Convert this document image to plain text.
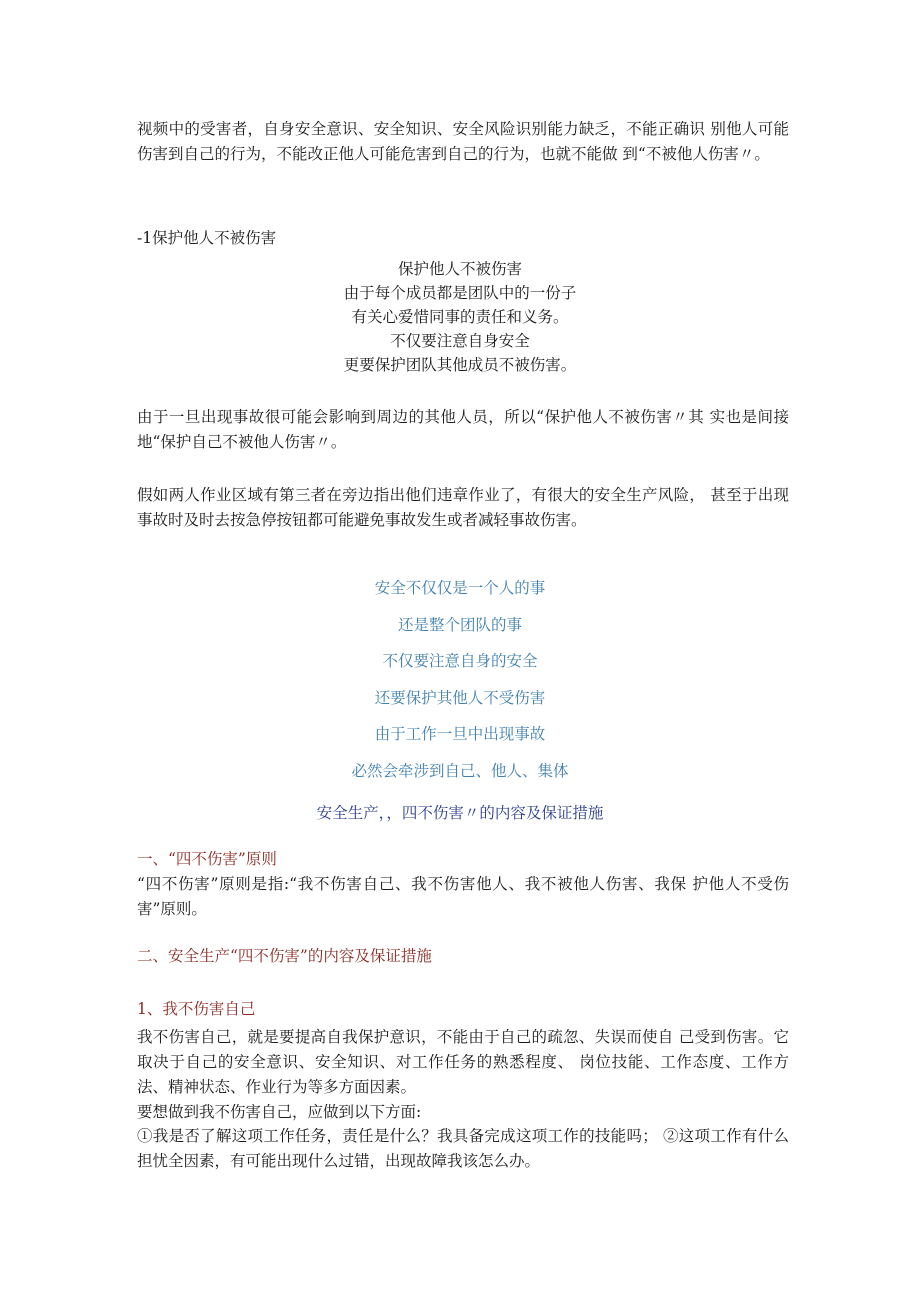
视频中的受害者，自身安全意识、安全知识、安全风险识别能力缺乏，不能正确识 别他人可能伤害到自己的行为，不能改正他人可能危害到自己的行为，也就不能做 到“不被他人伤害〃。

-1保护他人不被伤害

保护他人不被伤害

由于每个成员都是团队中的一份子

有关心爱惜同事的责任和义务。

不仅要注意自身安全

更要保护团队其他成员不被伤害。

由于一旦出现事故很可能会影响到周边的其他人员，所以“保护他人不被伤害〃其 实也是间接地“保护自己不被他人伤害〃。

假如两人作业区域有第三者在旁边指出他们违章作业了，有很大的安全生产风险， 甚至于出现事故时及时去按急停按钮都可能避免事故发生或者减轻事故伤害。

安全不仅仅是一个人的事

还是整个团队的事

不仅要注意自身的安全

还要保护其他人不受伤害

由于工作一旦中出现事故

必然会牵涉到自己、他人、集体

安全生产，，四不伤害〃的内容及保证措施

一、“四不伤害”原则

“四不伤害”原则是指:“我不伤害自己、我不伤害他人、我不被他人伤害、我保 护他人不受伤害”原则。

二、安全生产“四不伤害”的内容及保证措施

1、我不伤害自己

我不伤害自己，就是要提高自我保护意识，不能由于自己的疏忽、失误而使自 己受到伤害。它取决于自己的安全意识、安全知识、对工作任务的熟悉程度、 岗位技能、工作态度、工作方法、精神状态、作业行为等多方面因素。

要想做到我不伤害自己，应做到以下方面:

①我是否了解这项工作任务，责任是什么？我具备完成这项工作的技能吗； ②这项工作有什么担忧全因素，有可能出现什么过错，出现故障我该怎么办。
